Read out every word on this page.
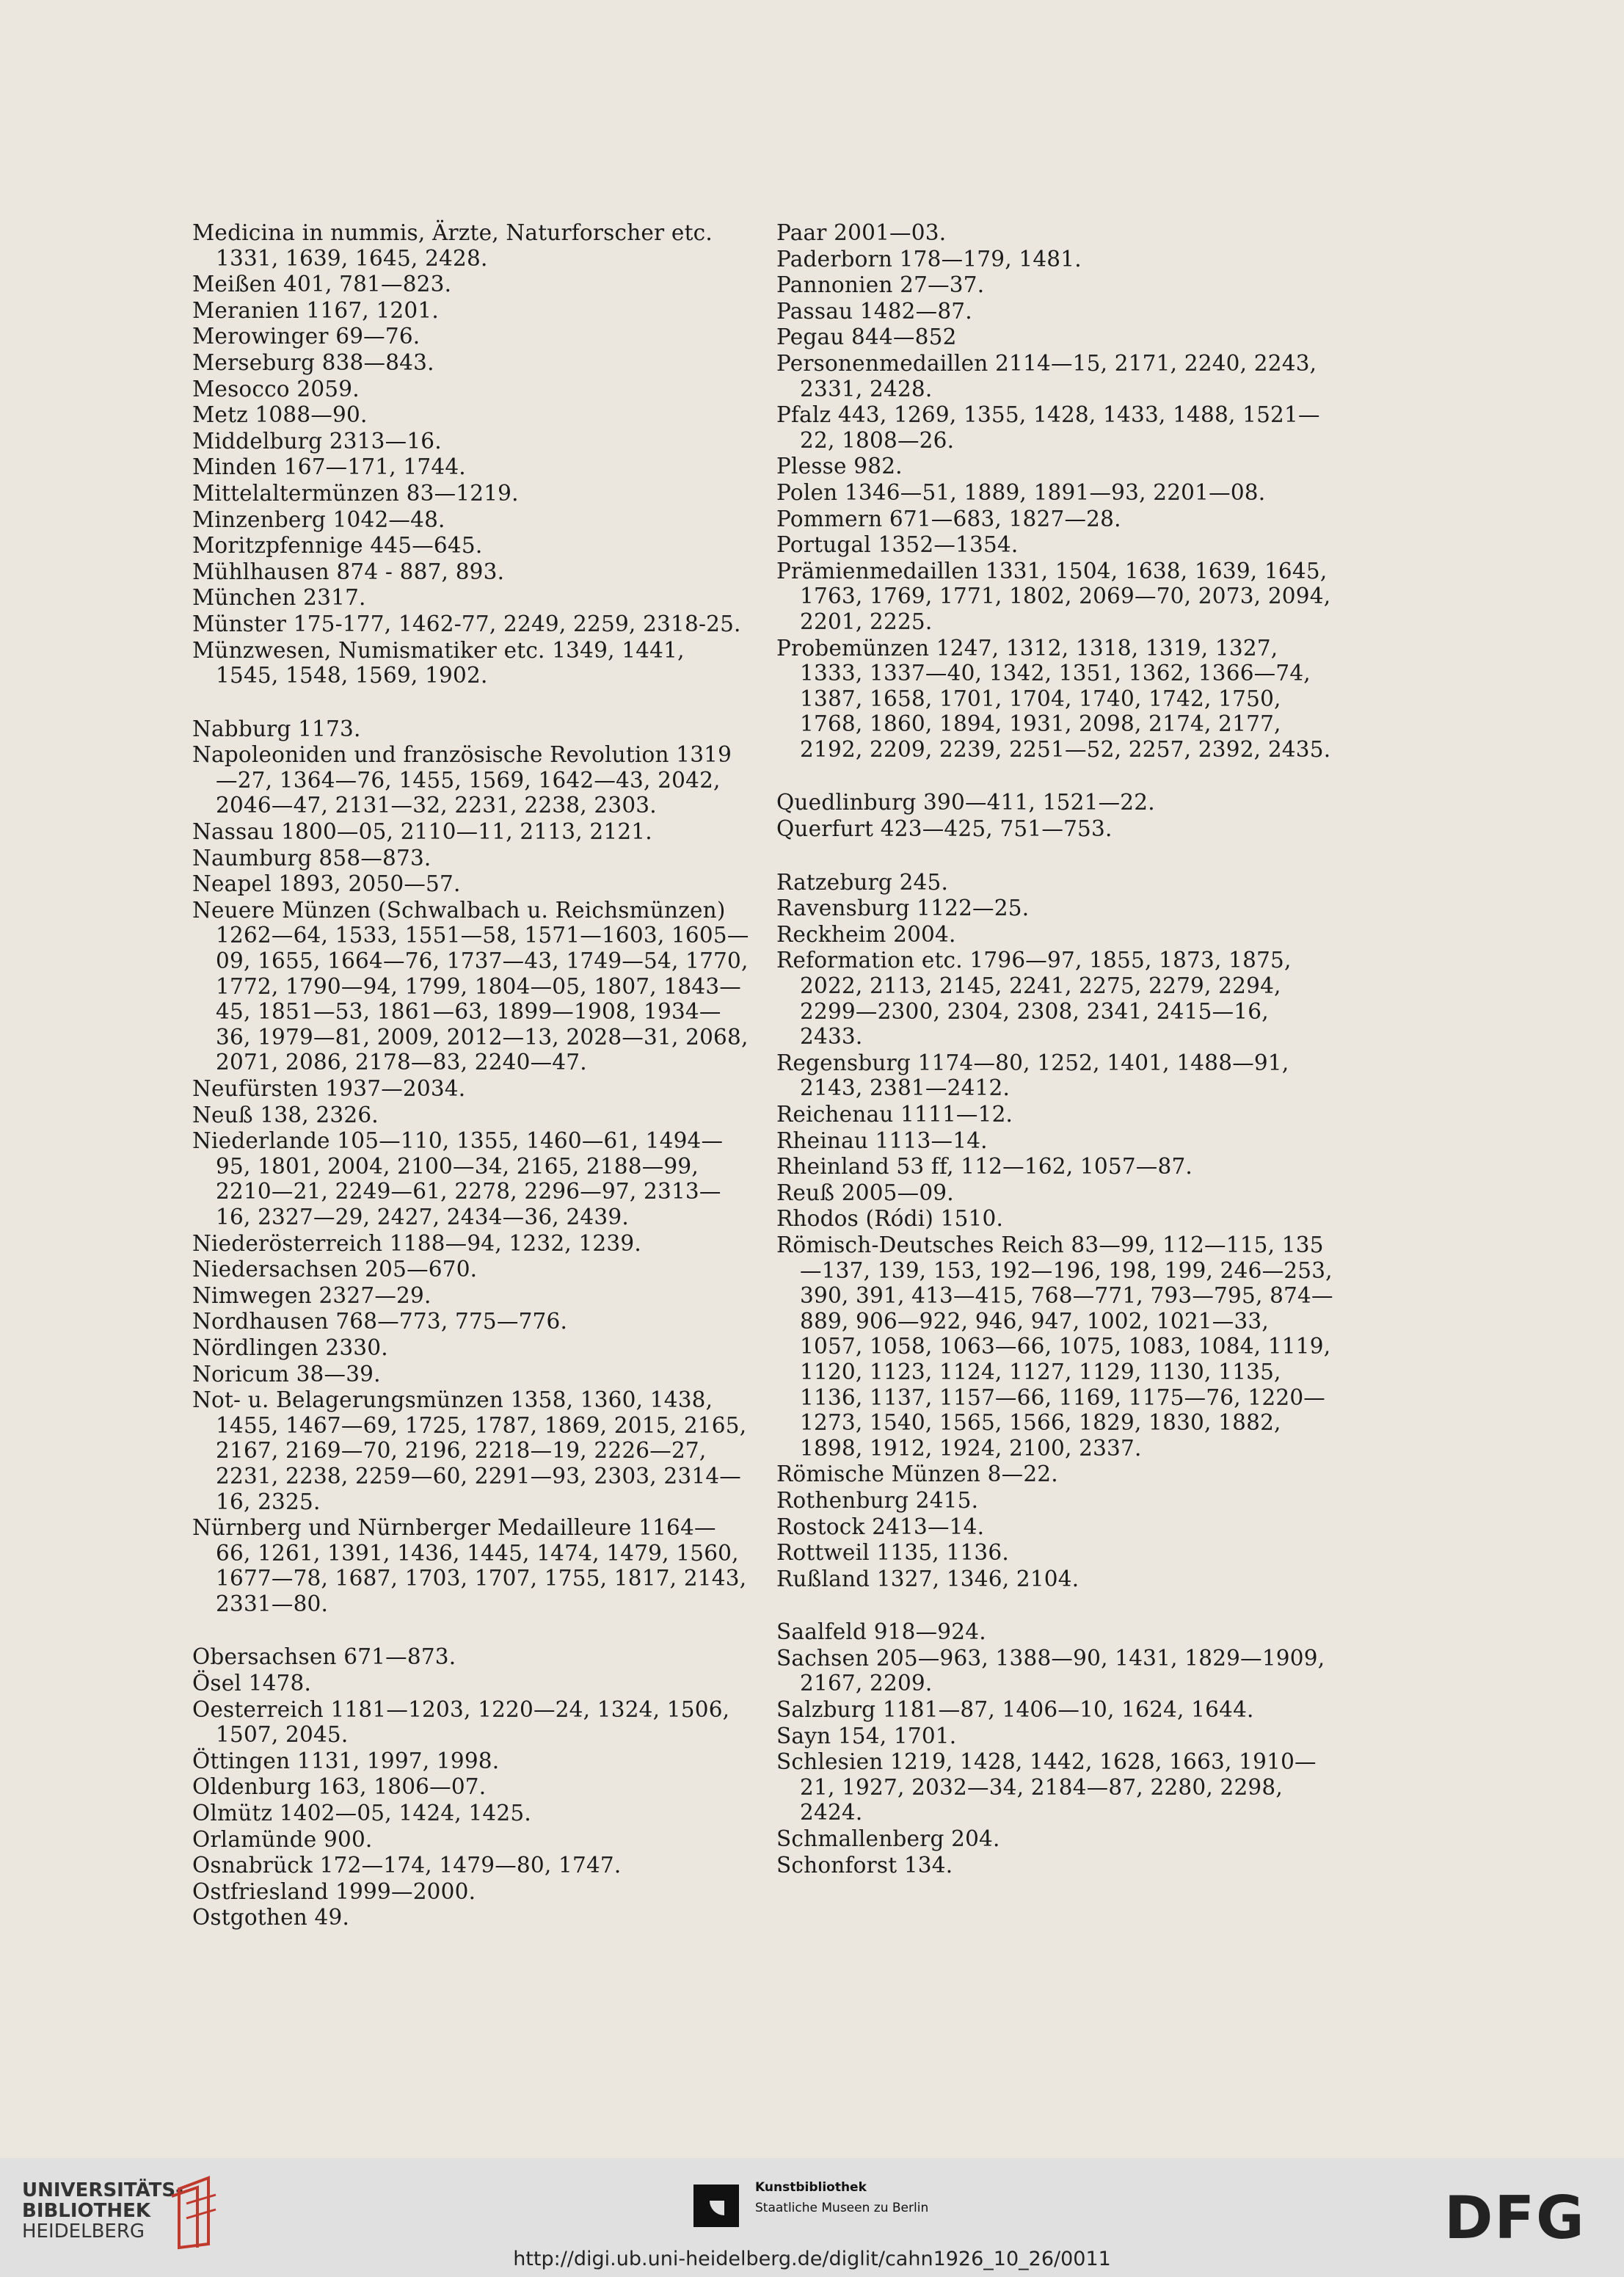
Medicina in nummis, Ärzte, Naturforscher etc. 1331, 1639, 1645, 2428.
Meißen 401, 781—823.
Meranien 1167, 1201.
Merowinger 69—76.
Merseburg 838—843.
Mesocco 2059.
Metz 1088—90.
Middelburg 2313—16.
Minden 167—171, 1744.
Mittelaltermünzen 83—1219.
Minzenberg 1042—48.
Moritzpfennige 445—645.
Mühlhausen 874 - 887, 893.
München 2317.
Münster 175-177, 1462-77, 2249, 2259, 2318-25.
Münzwesen, Numismatiker etc. 1349, 1441, 1545, 1548, 1569, 1902.
Nabburg 1173.
Napoleoniden und französische Revolution 1319—27, 1364—76, 1455, 1569, 1642—43, 2042, 2046—47, 2131—32, 2231, 2238, 2303.
Nassau 1800—05, 2110—11, 2113, 2121.
Naumburg 858—873.
Neapel 1893, 2050—57.
Neuere Münzen (Schwalbach u. Reichsmünzen) 1262—64, 1533, 1551—58, 1571—1603, 1605—09, 1655, 1664—76, 1737—43, 1749—54, 1770, 1772, 1790—94, 1799, 1804—05, 1807, 1843—45, 1851—53, 1861—63, 1899—1908, 1934—36, 1979—81, 2009, 2012—13, 2028—31, 2068, 2071, 2086, 2178—83, 2240—47.
Neufürsten 1937—2034.
Neuß 138, 2326.
Niederlande 105—110, 1355, 1460—61, 1494—95, 1801, 2004, 2100—34, 2165, 2188—99, 2210—21, 2249—61, 2278, 2296—97, 2313—16, 2327—29, 2427, 2434—36, 2439.
Niederösterreich 1188—94, 1232, 1239.
Niedersachsen 205—670.
Nimwegen 2327—29.
Nordhausen 768—773, 775—776.
Nördlingen 2330.
Noricum 38—39.
Not- u. Belagerungsmünzen 1358, 1360, 1438, 1455, 1467—69, 1725, 1787, 1869, 2015, 2165, 2167, 2169—70, 2196, 2218—19, 2226—27, 2231, 2238, 2259—60, 2291—93, 2303, 2314—16, 2325.
Nürnberg und Nürnberger Medailleure 1164—66, 1261, 1391, 1436, 1445, 1474, 1479, 1560, 1677—78, 1687, 1703, 1707, 1755, 1817, 2143, 2331—80.
Obersachsen 671—873.
Ösel 1478.
Oesterreich 1181—1203, 1220—24, 1324, 1506, 1507, 2045.
Öttingen 1131, 1997, 1998.
Oldenburg 163, 1806—07.
Olmütz 1402—05, 1424, 1425.
Orlamünde 900.
Osnabrück 172—174, 1479—80, 1747.
Ostfriesland 1999—2000.
Ostgothen 49.
Paar 2001—03.
Paderborn 178—179, 1481.
Pannonien 27—37.
Passau 1482—87.
Pegau 844—852
Personenmedaillen 2114—15, 2171, 2240, 2243, 2331, 2428.
Pfalz 443, 1269, 1355, 1428, 1433, 1488, 1521—22, 1808—26.
Plesse 982.
Polen 1346—51, 1889, 1891—93, 2201—08.
Pommern 671—683, 1827—28.
Portugal 1352—1354.
Prämienmedaillen 1331, 1504, 1638, 1639, 1645, 1763, 1769, 1771, 1802, 2069—70, 2073, 2094, 2201, 2225.
Probemünzen 1247, 1312, 1318, 1319, 1327, 1333, 1337—40, 1342, 1351, 1362, 1366—74, 1387, 1658, 1701, 1704, 1740, 1742, 1750, 1768, 1860, 1894, 1931, 2098, 2174, 2177, 2192, 2209, 2239, 2251—52, 2257, 2392, 2435.
Quedlinburg 390—411, 1521—22.
Querfurt 423—425, 751—753.
Ratzeburg 245.
Ravensburg 1122—25.
Reckheim 2004.
Reformation etc. 1796—97, 1855, 1873, 1875, 2022, 2113, 2145, 2241, 2275, 2279, 2294, 2299—2300, 2304, 2308, 2341, 2415—16, 2433.
Regensburg 1174—80, 1252, 1401, 1488—91, 2143, 2381—2412.
Reichenau 1111—12.
Rheinau 1113—14.
Rheinland 53 ff, 112—162, 1057—87.
Reuß 2005—09.
Rhodos (Ródi) 1510.
Römisch-Deutsches Reich 83—99, 112—115, 135—137, 139, 153, 192—196, 198, 199, 246—253, 390, 391, 413—415, 768—771, 793—795, 874—889, 906—922, 946, 947, 1002, 1021—33, 1057, 1058, 1063—66, 1075, 1083, 1084, 1119, 1120, 1123, 1124, 1127, 1129, 1130, 1135, 1136, 1137, 1157—66, 1169, 1175—76, 1220—1273, 1540, 1565, 1566, 1829, 1830, 1882, 1898, 1912, 1924, 2100, 2337.
Römische Münzen 8—22.
Rothenburg 2415.
Rostock 2413—14.
Rottweil 1135, 1136.
Rußland 1327, 1346, 2104.
Saalfeld 918—924.
Sachsen 205—963, 1388—90, 1431, 1829—1909, 2167, 2209.
Salzburg 1181—87, 1406—10, 1624, 1644.
Sayn 154, 1701.
Schlesien 1219, 1428, 1442, 1628, 1663, 1910—21, 1927, 2032—34, 2184—87, 2280, 2298, 2424.
Schmallenberg 204.
Schonforst 134.
UNIVERSITÄTS-
BIBLIOTHEK
HEIDELBERG
Kunstbibliothek
Staatliche Museen zu Berlin	DFG
http://digi.ub.uni-heidelberg.de/diglit/cahn1926_10_26/0011
